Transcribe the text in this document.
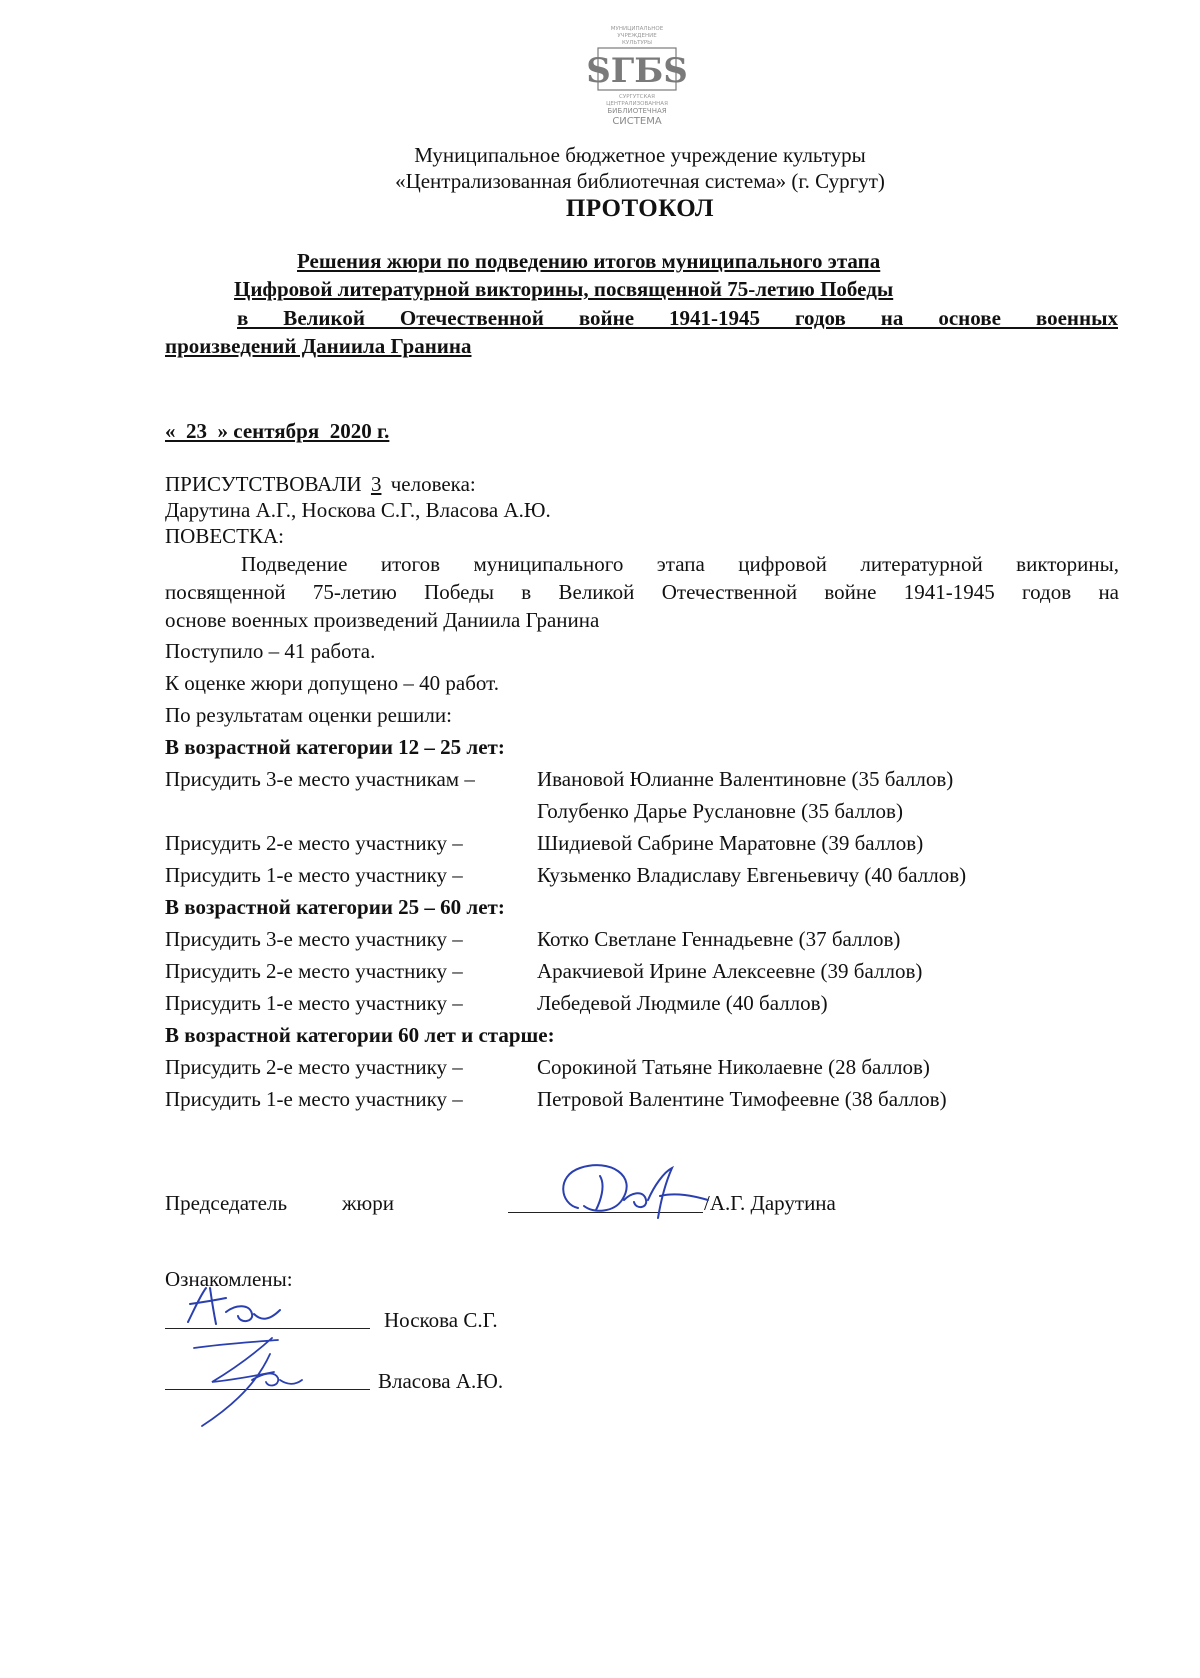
МУНИЦИПАЛЬНОЕ
УЧРЕЖДЕНИЕ
КУЛЬТУРЫ
SГБS
СУРГУТСКАЯ
ЦЕНТРАЛИЗОВАННАЯ
БИБЛИОТЕЧНАЯ
СИСТЕМА
Муниципальное бюджетное учреждение культуры
«Централизованная библиотечная система» (г. Сургут)
ПРОТОКОЛ
Решения жюри по подведению итогов муниципального этапа
Цифровой литературной викторины, посвященной 75-летию Победы
в Великой Отечественной войне 1941-1945 годов на основе военных
произведений Даниила Гранина
«  23  » сентября  2020 г.
ПРИСУТСТВОВАЛИ 3 человека:
Дарутина А.Г., Носкова С.Г., Власова А.Ю.
ПОВЕСТКА:
Подведение итогов муниципального этапа цифровой литературной викторины,
посвященной 75-летию Победы в Великой Отечественной войне 1941-1945 годов на
основе военных произведений Даниила Гранина
Поступило – 41 работа.
К оценке жюри допущено – 40 работ.
По результатам оценки решили:
В возрастной категории 12 – 25 лет:
Присудить 3-е место участникам –	Ивановой Юлианне Валентиновне (35 баллов)
Голубенко Дарье Руслановне (35 баллов)
Присудить 2-е место участнику –	Шидиевой Сабрине Маратовне (39 баллов)
Присудить 1-е место участнику –	Кузьменко Владиславу Евгеньевичу (40 баллов)
В возрастной категории 25 – 60 лет:
Присудить 3-е место участнику –	Котко Светлане Геннадьевне (37 баллов)
Присудить 2-е место участнику –	Аракчиевой Ирине Алексеевне (39 баллов)
Присудить 1-е место участнику –	Лебедевой Людмиле (40 баллов)
В возрастной категории 60 лет и старше:
Присудить 2-е место участнику –	Сорокиной Татьяне Николаевне (28 баллов)
Присудить 1-е место участнику –	Петровой Валентине Тимофеевне (38 баллов)
Председатель	жюри	/А.Г. Дарутина
Ознакомлены:
Носкова С.Г.
Власова А.Ю.
